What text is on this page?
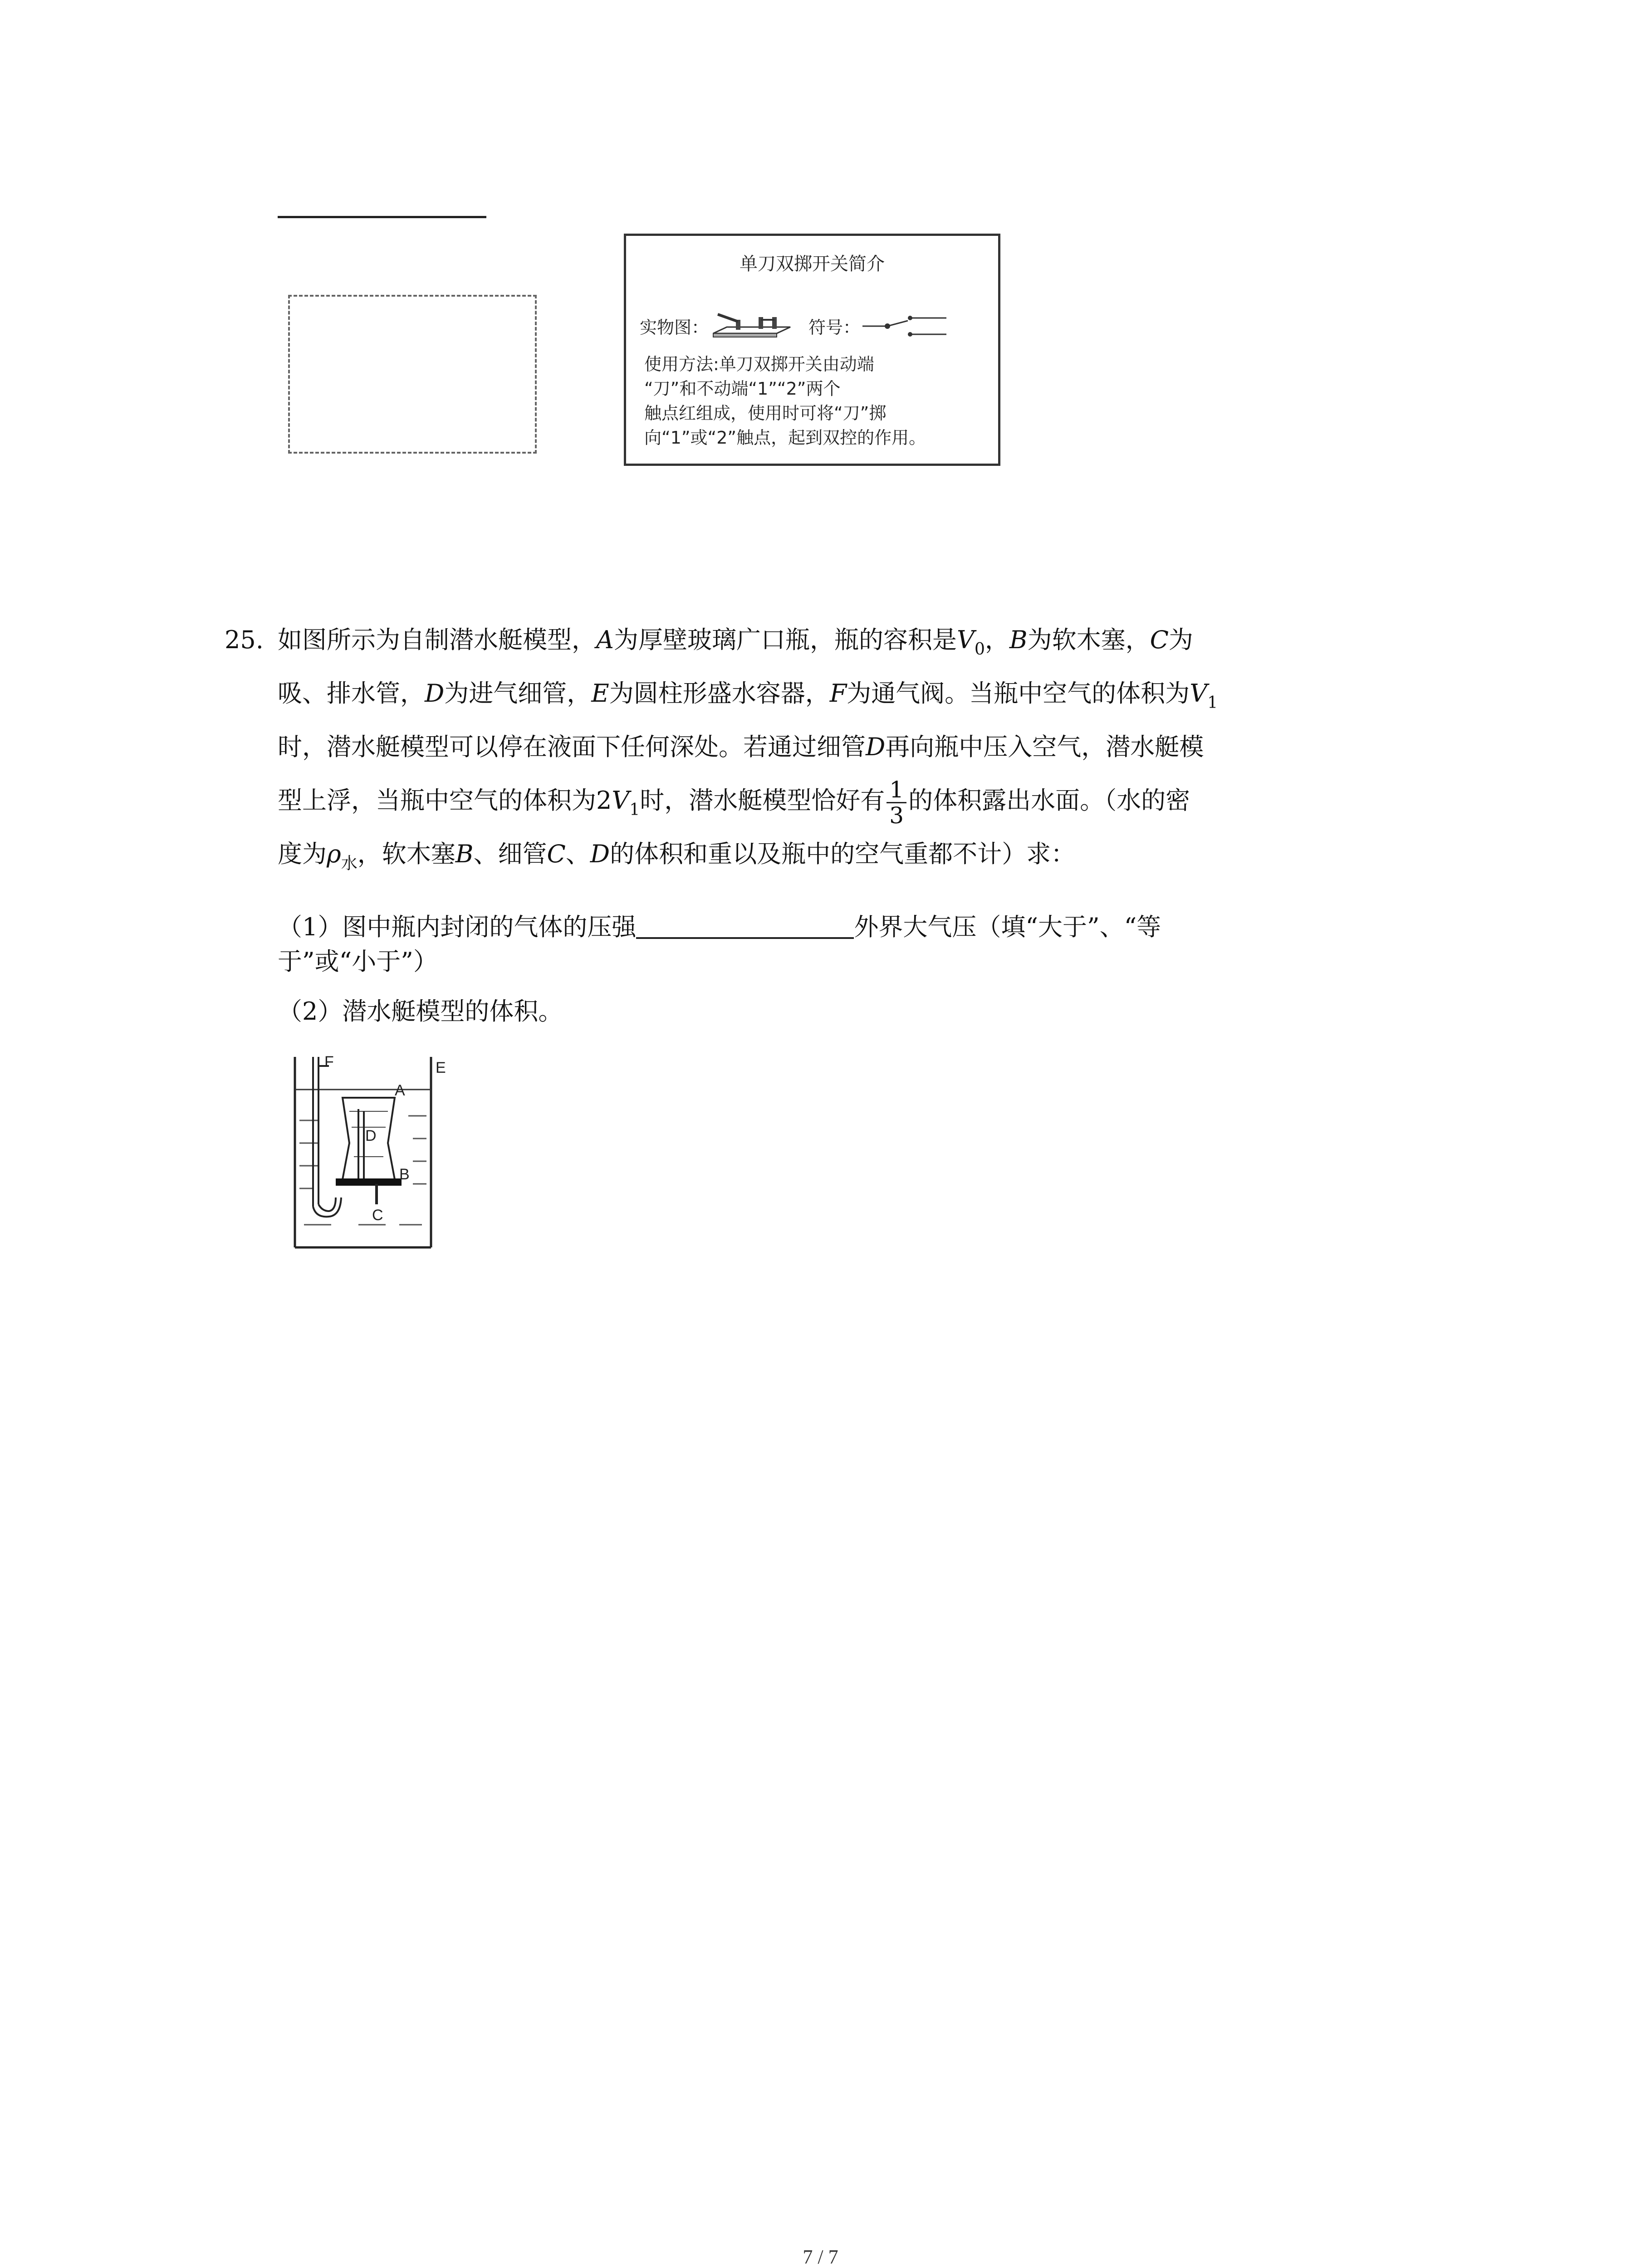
单刀双掷开关简介
实物图：	符号：
使用方法:单刀双掷开关由动端
“刀”和不动端“1”“2”两个
触点红组成，使用时可将“刀”掷
向“1”或“2”触点，起到双控的作用。
25. 如图所示为自制潜水艇模型，A为厚壁玻璃广口瓶，瓶的容积是$V_0$，B为软木塞，C为
吸、排水管，D为进气细管，E为圆柱形盛水容器，F为通气阀。当瓶中空气的体积为$V_1$
时，潜水艇模型可以停在液面下任何深处。若通过细管D再向瓶中压入空气，潜水艇模
型上浮，当瓶中空气的体积为$2V_1$时，潜水艇模型恰好有 $\frac{1}{3}$ 的体积露出水面。（水的密
度为$\rho_水$，软木塞B、细管C、D的体积和重以及瓶中的空气重都不计）求：
（1）图中瓶内封闭的气体的压强	外界大气压（填“大于”、“等
于”或“小于”）
（2）潜水艇模型的体积。
F	E
A
D
B
C
7 / 7
